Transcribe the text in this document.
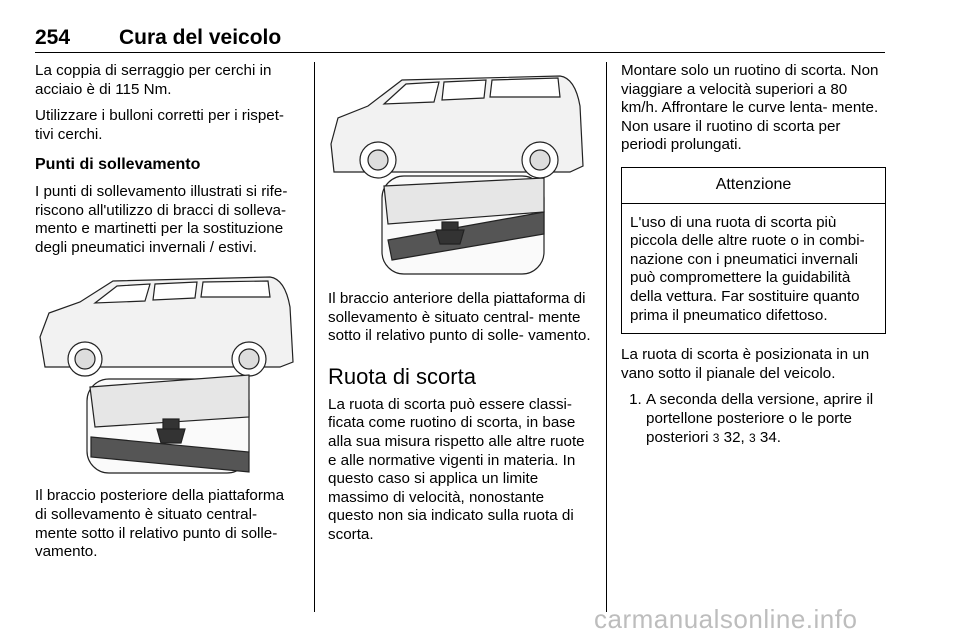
254 Cura del veicolo

La coppia di serraggio per cerchi in acciaio è di 115 Nm.

Utilizzare i bulloni corretti per i rispet- tivi cerchi.

Punti di sollevamento

I punti di sollevamento illustrati si rife- riscono all'utilizzo di bracci di solleva- mento e martinetti per la sostituzione degli pneumatici invernali / estivi.

Il braccio posteriore della piattaforma di sollevamento è situato central- mente sotto il relativo punto di solle- vamento.

Il braccio anteriore della piattaforma di sollevamento è situato central- mente sotto il relativo punto di solle- vamento.

Ruota di scorta

La ruota di scorta può essere classi- ficata come ruotino di scorta, in base alla sua misura rispetto alle altre ruote e alle normative vigenti in materia. In questo caso si applica un limite massimo di velocità, nonostante questo non sia indicato sulla ruota di scorta.

Montare solo un ruotino di scorta. Non viaggiare a velocità superiori a 80 km/h. Affrontare le curve lenta- mente. Non usare il ruotino di scorta per periodi prolungati.

Attenzione
L'uso di una ruota di scorta più piccola delle altre ruote o in combi- nazione con i pneumatici invernali può compromettere la guidabilità della vettura. Far sostituire quanto prima il pneumatico difettoso.

La ruota di scorta è posizionata in un vano sotto il pianale del veicolo.

1. A seconda della versione, aprire il portellone posteriore o le porte posteriori 3 32, 3 34.
carmanualsonline.info
